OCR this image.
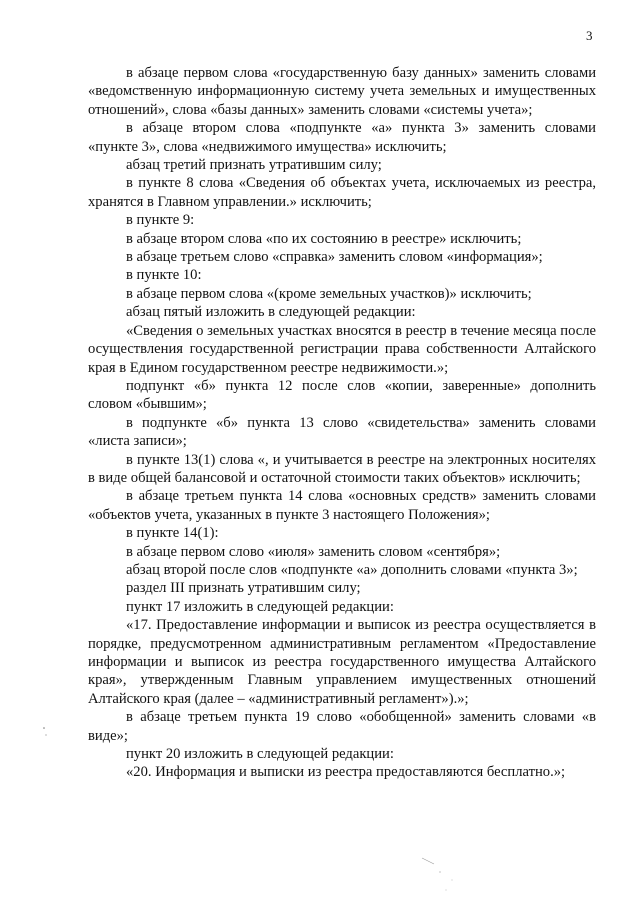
3

в абзаце первом слова «государственную базу данных» заменить словами «ведомственную информационную систему учета земельных и имущественных отношений», слова «базы данных» заменить словами «системы учета»;

в абзаце втором слова «подпункте «а» пункта 3» заменить словами «пункте 3», слова «недвижимого имущества» исключить;

абзац третий признать утратившим силу;

в пункте 8 слова «Сведения об объектах учета, исключаемых из реестра, хранятся в Главном управлении.» исключить;

в пункте 9:

в абзаце втором слова «по их состоянию в реестре» исключить;

в абзаце третьем слово «справка» заменить словом «информация»;

в пункте 10:

в абзаце первом слова «(кроме земельных участков)» исключить;

абзац пятый изложить в следующей редакции:

«Сведения о земельных участках вносятся в реестр в течение месяца после осуществления государственной регистрации права собственности Алтайского края в Едином государственном реестре недвижимости.»;

подпункт «б» пункта 12 после слов «копии, заверенные» дополнить словом «бывшим»;

в подпункте «б» пункта 13 слово «свидетельства» заменить словами «листа записи»;

в пункте 13(1) слова «, и учитывается в реестре на электронных носителях в виде общей балансовой и остаточной стоимости таких объектов» исключить;

в абзаце третьем пункта 14 слова «основных средств» заменить словами «объектов учета, указанных в пункте 3 настоящего Положения»;

в пункте 14(1):

в абзаце первом слово «июля» заменить словом «сентября»;

абзац второй после слов «подпункте «а» дополнить словами «пункта 3»;

раздел III признать утратившим силу;

пункт 17 изложить в следующей редакции:

«17. Предоставление информации и выписок из реестра осуществляется в порядке, предусмотренном административным регламентом «Предоставление информации и выписок из реестра государственного имущества Алтайского края», утвержденным Главным управлением имущественных отношений Алтайского края (далее – «административный регламент»).»;

в абзаце третьем пункта 19 слово «обобщенной» заменить словами «в виде»;

пункт 20 изложить в следующей редакции:

«20. Информация и выписки из реестра предоставляются бесплатно.»;
